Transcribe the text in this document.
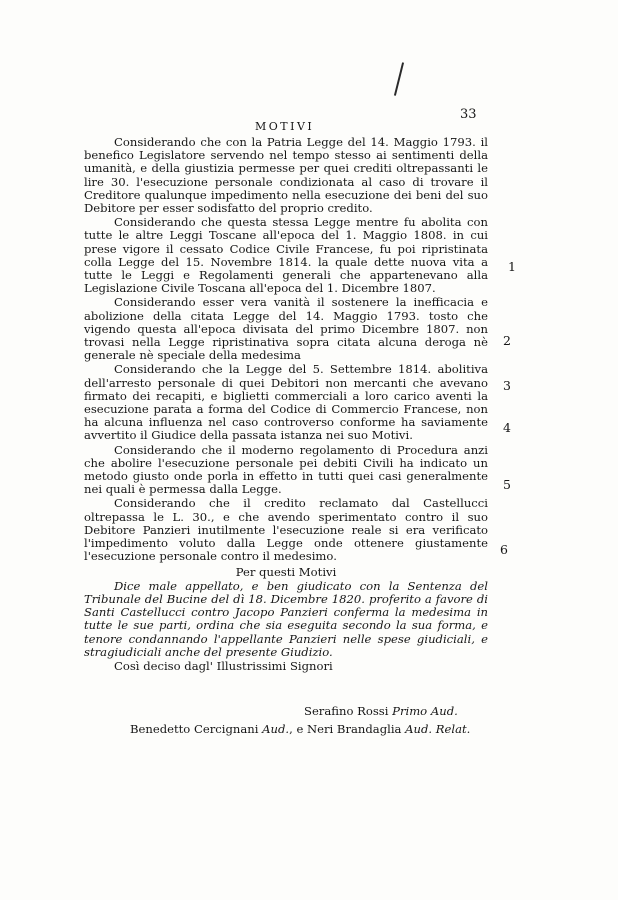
33
MOTIVI

Considerando che con la Patria Legge del 14. Maggio 1793. il benefico Legislatore servendo nel tempo stesso ai sentimenti della umanità, e della giustizia permesse per quei crediti oltrepassanti le lire 30. l'esecuzione personale condizionata al caso di trovare il Creditore qualunque impedimento nella esecuzione dei beni del suo Debitore per esser sodisfatto del proprio credito.

Considerando che questa stessa Legge mentre fu abolita con tutte le altre Leggi Toscane all'epoca del 1. Maggio 1808. in cui prese vigore il cessato Codice Civile Francese, fu poi ripristinata colla Legge del 15. Novembre 1814. la quale dette nuova vita a tutte le Leggi e Regolamenti generali che appartenevano alla Legislazione Civile Toscana all'epoca del 1. Dicembre 1807.

Considerando esser vera vanità il sostenere la inefficacia e abolizione della citata Legge del 14. Maggio 1793. tosto che vigendo questa all'epoca divisata del primo Dicembre 1807. non trovasi nella Legge ripristinativa sopra citata alcuna deroga nè generale nè speciale della medesima

Considerando che la Legge del 5. Settembre 1814. abolitiva dell'arresto personale di quei Debitori non mercanti che avevano firmato dei recapiti, e biglietti commerciali a loro carico aventi la esecuzione parata a forma del Codice di Commercio Francese, non ha alcuna influenza nel caso controverso conforme ha saviamente avvertito il Giudice della passata istanza nei suo Motivi.

Considerando che il moderno regolamento di Procedura anzi che abolire l'esecuzione personale pei debiti Civili ha indicato un metodo giusto onde porla in effetto in tutti quei casi generalmente nei quali è permessa dalla Legge.

Considerando che il credito reclamato dal Castellucci oltrepassa le L. 30., e che avendo sperimentato contro il suo Debitore Panzieri inutilmente l'esecuzione reale si era verificato l'impedimento voluto dalla Legge onde ottenere giustamente l'esecuzione personale contro il medesimo.

Per questi Motivi

Dice male appellato, e ben giudicato con la Sentenza del Tribunale del Bucine del dì 18. Dicembre 1820. proferito a favore di Santi Castellucci contro Jacopo Panzieri conferma la medesima in tutte le sue parti, ordina che sia eseguita secondo la sua forma, e tenore condannando l'appellante Panzieri nelle spese giudiciali, e stragiudiciali anche del presente Giudizio.

Così deciso dagl' Illustrissimi Signori

1
2
3
4
5
6
Serafino Rossi Primo Aud.
Benedetto Cercignani Aud., e Neri Brandaglia Aud. Relat.
